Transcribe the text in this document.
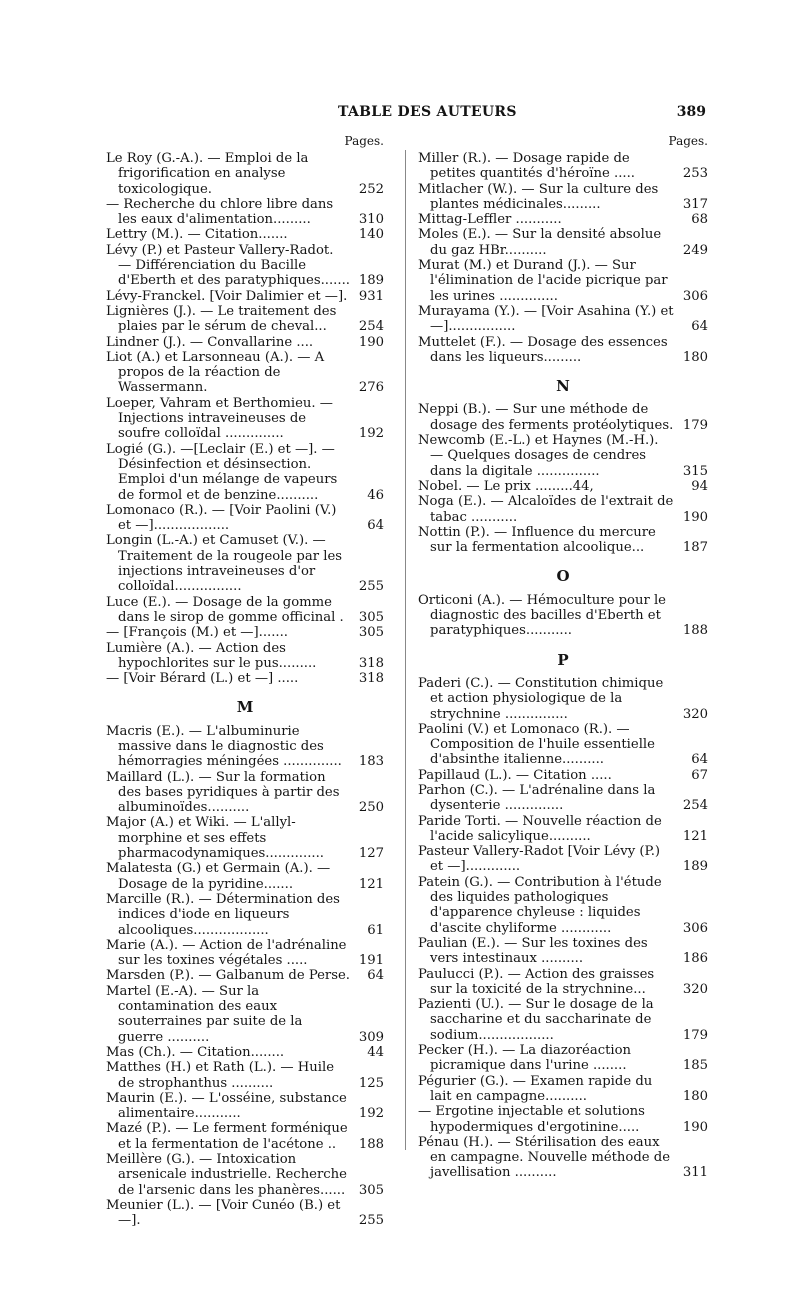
TABLE DES AUTEURS	389
Pages.

Le Roy (G.-A.). — Emploi de la frigorification en analyse toxicologique.	252

— Recherche du chlore libre dans les eaux d'alimentation.........	310

Lettry (M.). — Citation.......	140

Lévy (P.) et Pasteur Vallery-Radot. — Différenciation du Bacille d'Eberth et des paratyphiques....... 189

Lévy-Franckel. [Voir Dalimier et —]. 931

Lignières (J.). — Le traitement des plaies par le sérum de cheval... 254

Lindner (J.). — Convallarine ....	190

Liot (A.) et Larsonneau (A.). — A propos de la réaction de Wassermann.	276

Loeper, Vahram et Berthomieu. — Injections intraveineuses de soufre colloïdal ..............	192

Logié (G.). —[Leclair (E.) et —]. — Désinfection et désinsection. Emploi d'un mélange de vapeurs de formol et de benzine..........	46

Lomonaco (R.). — [Voir Paolini (V.) et —]..................	64

Longin (L.-A.) et Camuset (V.). — Traitement de la rougeole par les injections intraveineuses d'or colloïdal................	255

Luce (E.). — Dosage de la gomme dans le sirop de gomme officinal . 305

— [François (M.) et —].......	305

Lumière (A.). — Action des hypochlorites sur le pus.........	318

— [Voir Bérard (L.) et —] .....	318

M

Macris (E.). — L'albuminurie massive dans le diagnostic des hémorragies méningées .............. 183

Maillard (L.). — Sur la formation des bases pyridiques à partir des albuminoïdes..........	250

Major (A.) et Wiki. — L'allyl-morphine et ses effets pharmacodynamiques..............	127

Malatesta (G.) et Germain (A.). — Dosage de la pyridine.......	121

Marcille (R.). — Détermination des indices d'iode en liqueurs alcooliques..................	61

Marie (A.). — Action de l'adrénaline sur les toxines végétales .....	191

Marsden (P.). — Galbanum de Perse. 64

Martel (E.-A). — Sur la contamination des eaux souterraines par suite de la guerre ..........	309

Mas (Ch.). — Citation........	44

Matthes (H.) et Rath (L.). — Huile de strophanthus ..........	125

Maurin (E.). — L'osséine, substance alimentaire...........	192

Mazé (P.). — Le ferment forménique et la fermentation de l'acétone .. 188

Meillère (G.). — Intoxication arsenicale industrielle. Recherche de l'arsenic dans les phanères...... 305

Meunier (L.). — [Voir Cunéo (B.) et —].	255

Pages.

Miller (R.). — Dosage rapide de petites quantités d'héroïne .....	253

Mitlacher (W.). — Sur la culture des plantes médicinales.........	317

Mittag-Leffler ...........	68

Moles (E.). — Sur la densité absolue du gaz HBr..........	249

Murat (M.) et Durand (J.). — Sur l'élimination de l'acide picrique par les urines ..............	306

Murayama (Y.). — [Voir Asahina (Y.) et —]................	64

Muttelet (F.). — Dosage des essences dans les liqueurs.........	180

N

Neppi (B.). — Sur une méthode de dosage des ferments protéolytiques. 179

Newcomb (E.-L.) et Haynes (M.-H.). — Quelques dosages de cendres dans la digitale ...............	315

Nobel. — Le prix .........44,	94

Noga (E.). — Alcaloïdes de l'extrait de tabac ...........	190

Nottin (P.). — Influence du mercure sur la fermentation alcoolique...	187

O

Orticoni (A.). — Hémoculture pour le diagnostic des bacilles d'Eberth et paratyphiques...........	188

P

Paderi (C.). — Constitution chimique et action physiologique de la strychnine ...............	320

Paolini (V.) et Lomonaco (R.). — Composition de l'huile essentielle d'absinthe italienne..........	64

Papillaud (L.). — Citation .....	67

Parhon (C.). — L'adrénaline dans la dysenterie ..............	254

Paride Torti. — Nouvelle réaction de l'acide salicylique..........	121

Pasteur Vallery-Radot [Voir Lévy (P.) et —].............	189

Patein (G.). — Contribution à l'étude des liquides pathologiques d'apparence chyleuse : liquides d'ascite chyliforme ............	306

Paulian (E.). — Sur les toxines des vers intestinaux ..........	186

Paulucci (P.). — Action des graisses sur la toxicité de la strychnine...	320

Pazienti (U.). — Sur le dosage de la saccharine et du saccharinate de sodium..................	179

Pecker (H.). — La diazoréaction picramique dans l'urine ........	185

Pégurier (G.). — Examen rapide du lait en campagne..........	180

— Ergotine injectable et solutions hypodermiques d'ergotinine.....	190

Pénau (H.). — Stérilisation des eaux en campagne. Nouvelle méthode de javellisation ..........	311
